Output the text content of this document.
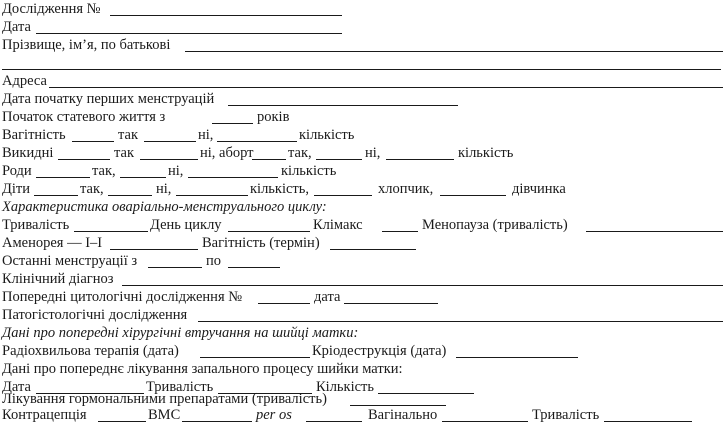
Дослідження №
Дата
Прізвище, ім’я, по батькові
Адреса
Дата початку перших менструацій
Початок статевого життя з	років
Вагітність	так	ні,	кількість
Викидні	так	ні, аборт так,	ні,	кількість
Роди	так,	ні,	кількість
Діти	так,	ні,	кількість,	хлопчик,	дівчинка
Характеристика оваріально-менструального циклу:
Тривалість	День циклу	Клімакс	Менопауза (тривалість)
Аменорея — I–I	Вагітність (термін)
Останні менструації з	по
Клінічний діагноз
Попередні цитологічні дослідження №	дата
Патогістологічні дослідження
Дані про попередні хірургічні втручання на шийці матки:
Радіохвильова терапія (дата)	Кріодеструкція (дата)
Дані про попереднє лікування запального процесу шийки матки:
Дата	Тривалість	Кількість
Лікування гормональними препаратами (тривалість)
Контрацепція	ВМС	per os	Вагінально	Тривалість
